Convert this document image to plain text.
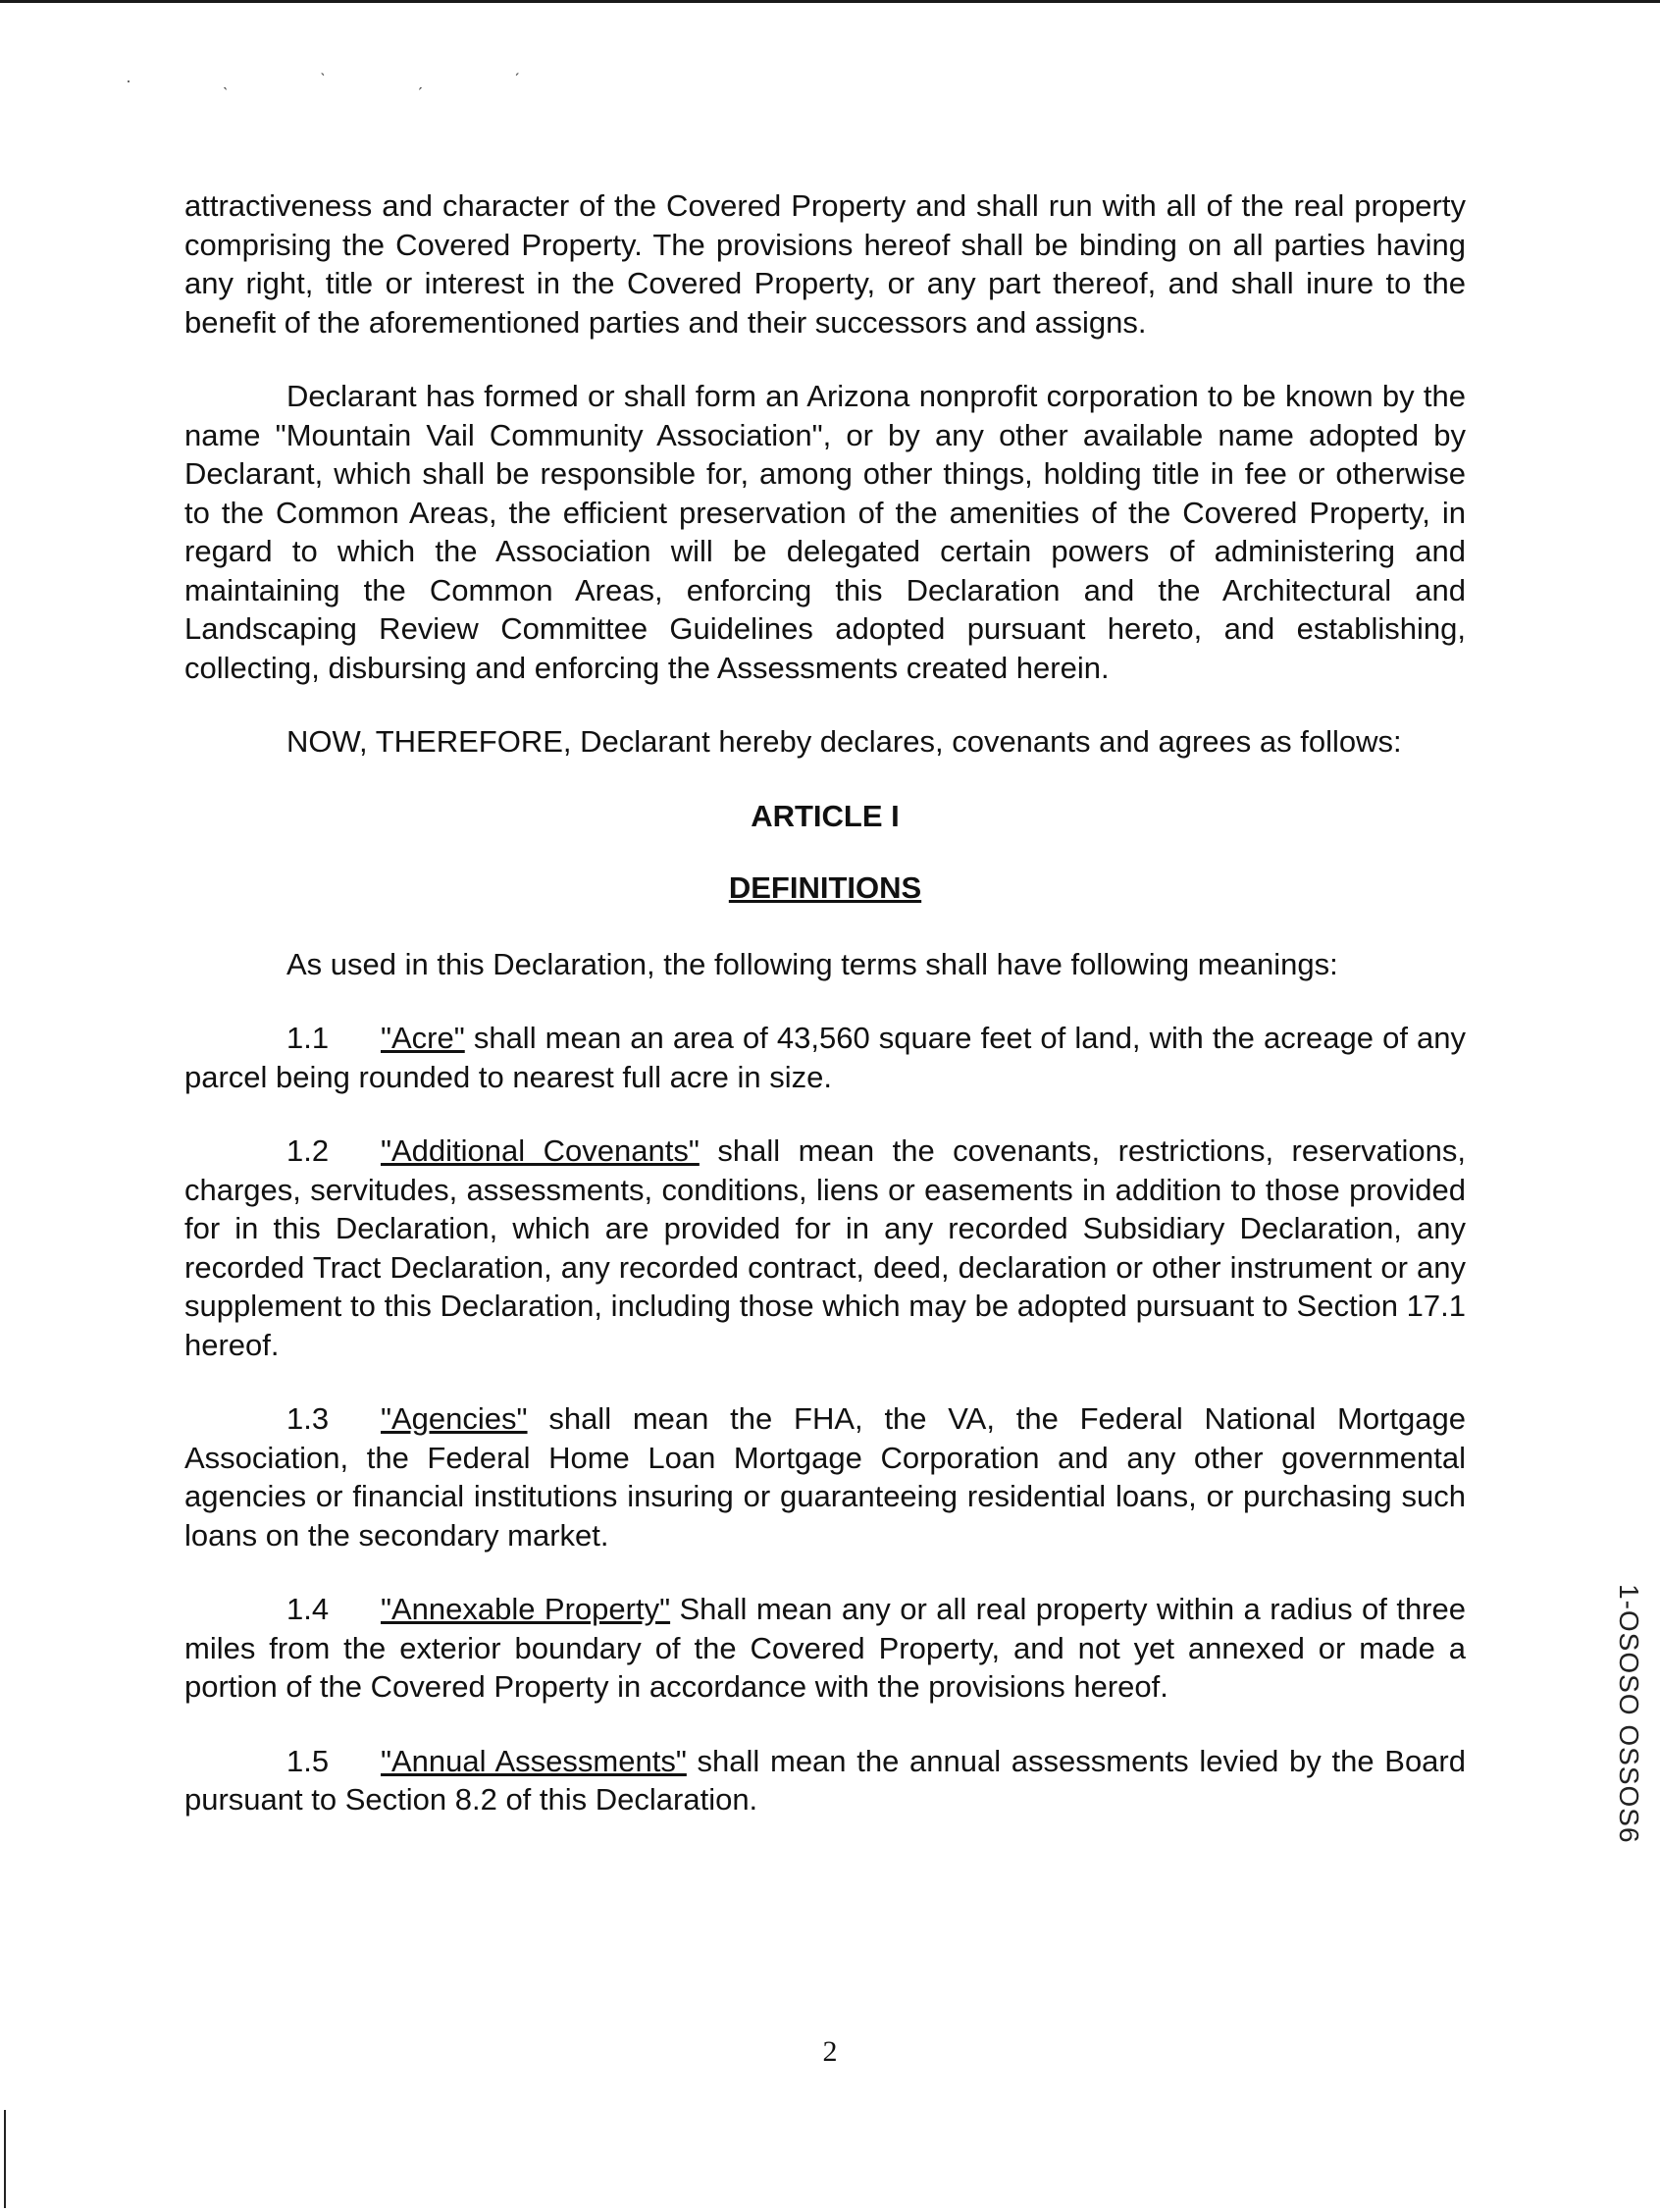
· ˎ ˋ ˏ ˊ

attractiveness and character of the Covered Property and shall run with all of the real property comprising the Covered Property. The provisions hereof shall be binding on all parties having any right, title or interest in the Covered Property, or any part thereof, and shall inure to the benefit of the aforementioned parties and their successors and assigns.

Declarant has formed or shall form an Arizona nonprofit corporation to be known by the name "Mountain Vail Community Association", or by any other available name adopted by Declarant, which shall be responsible for, among other things, holding title in fee or otherwise to the Common Areas, the efficient preservation of the amenities of the Covered Property, in regard to which the Association will be delegated certain powers of administering and maintaining the Common Areas, enforcing this Declaration and the Architectural and Landscaping Review Committee Guidelines adopted pursuant hereto, and establishing, collecting, disbursing and enforcing the Assessments created herein.

NOW, THEREFORE, Declarant hereby declares, covenants and agrees as follows:

ARTICLE I
DEFINITIONS

As used in this Declaration, the following terms shall have following meanings:

1.1 "Acre" shall mean an area of 43,560 square feet of land, with the acreage of any parcel being rounded to nearest full acre in size.

1.2 "Additional Covenants" shall mean the covenants, restrictions, reservations, charges, servitudes, assessments, conditions, liens or easements in addition to those provided for in this Declaration, which are provided for in any recorded Subsidiary Declaration, any recorded Tract Declaration, any recorded contract, deed, declaration or other instrument or any supplement to this Declaration, including those which may be adopted pursuant to Section 17.1 hereof.

1.3 "Agencies" shall mean the FHA, the VA, the Federal National Mortgage Association, the Federal Home Loan Mortgage Corporation and any other governmental agencies or financial institutions insuring or guaranteeing residential loans, or purchasing such loans on the secondary market.

1.4 "Annexable Property" Shall mean any or all real property within a radius of three miles from the exterior boundary of the Covered Property, and not yet annexed or made a portion of the Covered Property in accordance with the provisions hereof.

1.5 "Annual Assessments" shall mean the annual assessments levied by the Board pursuant to Section 8.2 of this Declaration.	1-OSOSO OSSOS6
2
